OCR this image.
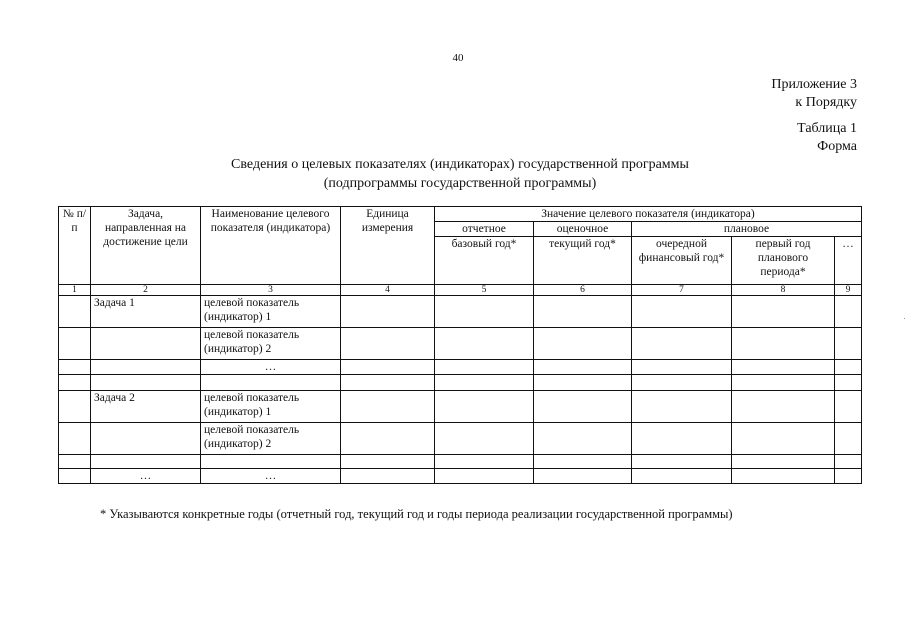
40
Приложение 3
к Порядку
Таблица 1
Форма
Сведения о целевых показателях (индикаторах) государственной программы
(подпрограммы государственной программы)
№ п/п	Задача, направленная на достижение цели	Наименование целевого показателя (индикатора)	Единица измерения	Значение целевого показателя (индикатора)				
				отчетное	оценочное	плановое		
				базовый год*	текущий год*	очередной финансовый год*	первый год планового периода*	…
1	2	3	4	5	6	7	8	9
	Задача 1	целевой показатель (индикатор) 1						
		целевой показатель (индикатор) 2						
		…						

	Задача 2	целевой показатель (индикатор) 1						
		целевой показатель (индикатор) 2						

	…	…						
* Указываются конкретные годы (отчетный год, текущий год и годы периода реализации государственной программы)
